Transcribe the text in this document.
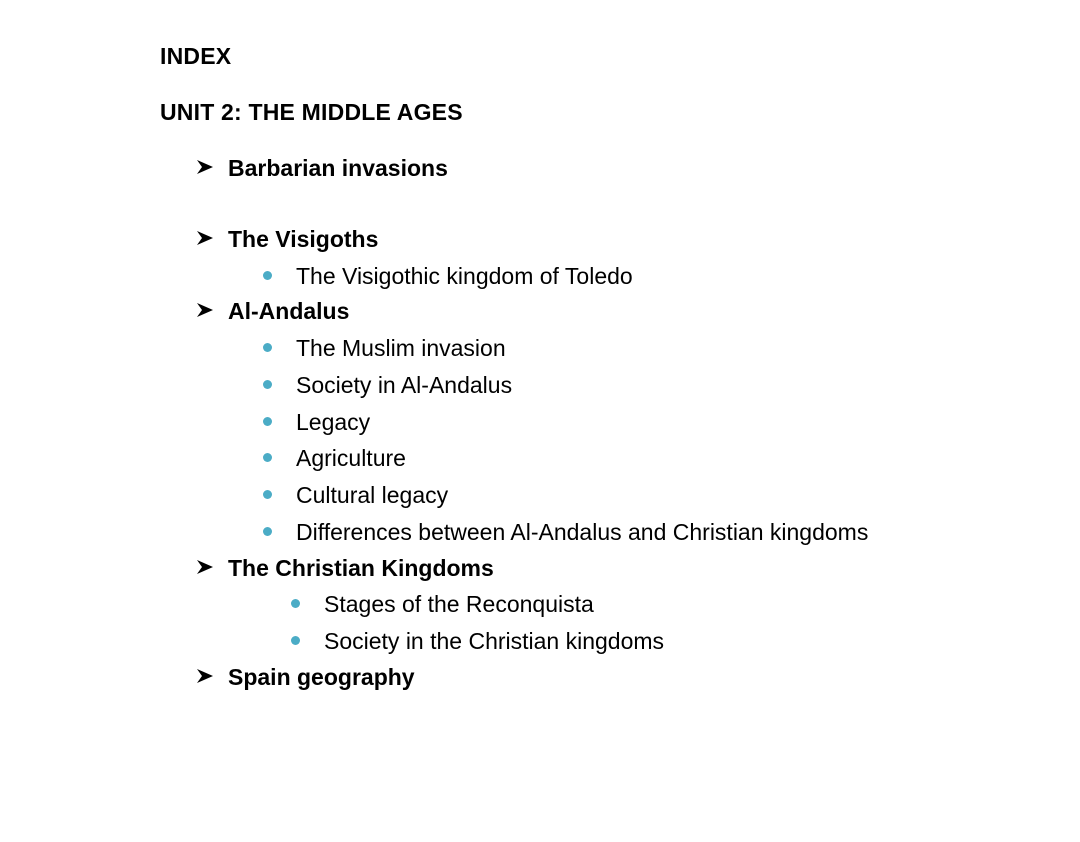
INDEX
UNIT 2: THE MIDDLE AGES
Barbarian invasions
The Visigoths
The Visigothic kingdom of Toledo
Al-Andalus
The Muslim invasion
Society in Al-Andalus
Legacy
Agriculture
Cultural legacy
Differences between Al-Andalus and Christian kingdoms
The Christian Kingdoms
Stages of the Reconquista
Society in the Christian kingdoms
Spain geography
